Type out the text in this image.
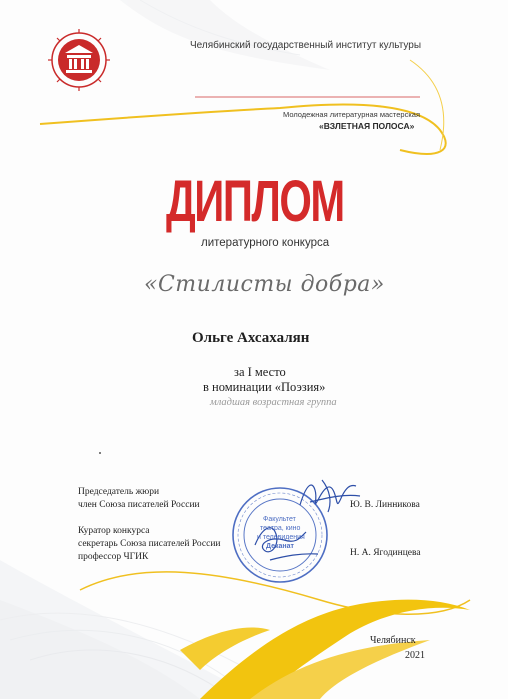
Челябинский государственный институт культуры
Молодежная литературная мастерская
«ВЗЛЕТНАЯ ПОЛОСА»
ДИПЛОМ
литературного конкурса
«Стилисты добра»
Ольге Ахсахалян
за I место
в номинации «Поэзия»
младшая возрастная группа
Председатель жюри
член Союза писателей России	Ю. В. Линникова
Куратор конкурса
секретарь Союза писателей России
профессор ЧГИК	Н. А. Ягодинцева
Факультет
театра, кино
и телевидения
Деканат
Челябинск
2021
